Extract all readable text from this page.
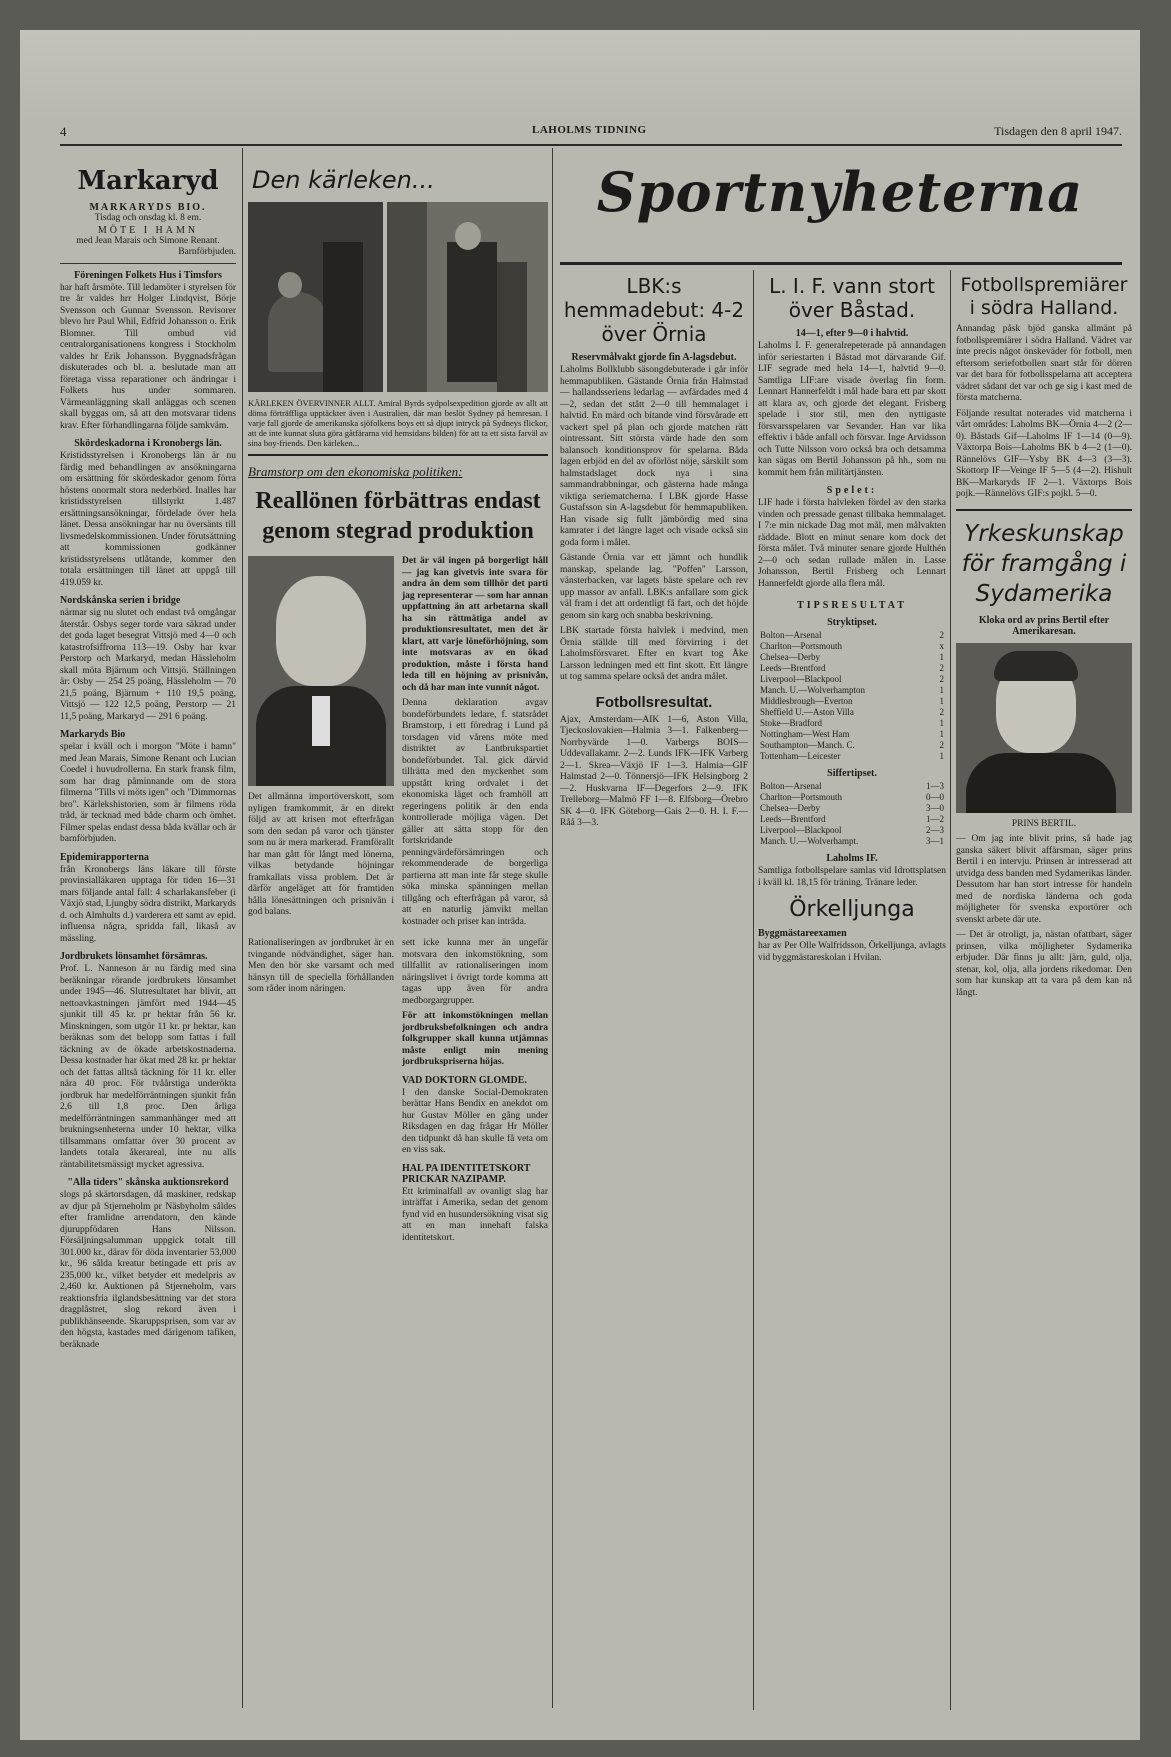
4	LAHOLMS TIDNING	Tisdagen den 8 april 1947.
Markaryd
MARKARYDS BIO.
Tisdag och onsdag kl. 8 em.
MÖTE I HAMN
med Jean Marais och Simone Renant.
Barnförbjuden.
Föreningen Folkets Hus i Timsfors

har haft årsmöte. Till ledamöter i styrelsen för tre år valdes hrr Holger Lindqvist, Börje Svensson och Gunnar Svensson. Revisorer blevo hrr Paul Whil, Edfrid Johansson o. Erik Blomner. Till ombud vid centralorganisationens kongress i Stockholm valdes hr Erik Johansson. Byggnadsfrågan diskuterades och bl. a. beslutade man att företaga vissa reparationer och ändringar i Folkets hus under sommaren. Värmeanläggning skall anläggas och scenen skall byggas om, så att den motsvarar tidens krav. Efter förhandlingarna följde samkväm.

Skördeskadorna i Kronobergs län.

Kristidsstyrelsen i Kronobergs län är nu färdig med behandlingen av ansökningarna om ersättning för skördeskador genom förra höstens onormalt stora nederbörd. Inalles har kristidsstyrelsen tillstyrkt 1.487 ersättningsansökningar, fördelade över hela länet. Dessa ansökningar har nu översänts till livsmedelskommissionen. Under förutsättning att kommissionen godkänner kristidsstyrelsens utlåtande, kommer den totala ersättningen till länet att uppgå till 419.059 kr.

Nordskånska serien i bridge

närmar sig nu slutet och endast två omgångar återstår. Osbys seger torde vara säkrad under det goda laget besegrat Vittsjö med 4—0 och katastrofsiffrorna 113—19. Osby har kvar Perstorp och Markaryd, medan Hässleholm skall möta Bjärnum och Vittsjö. Ställningen är: Osby — 254 25 poäng, Hässleholm — 70 21,5 poäng, Bjärnum + 110 19,5 poäng, Vittsjö — 122 12,5 poäng, Perstorp — 21 11,5 poäng, Markaryd — 291 6 poäng.

Markaryds Bio

spelar i kväll och i morgon "Möte i hamn" med Jean Marais, Simone Renant och Lucian Coedel i huvudrollerna. En stark fransk film, som har drag påminnande om de stora filmerna "Tills vi möts igen" och "Dimmornas bro". Kärlekshistorien, som är filmens röda tråd, är tecknad med både charm och ömhet. Filmer spelas endast dessa båda kvällar och är barnförbjuden.

Epidemirapporterna

från Kronobergs läns läkare till förste provinsialläkaren upptaga för tiden 16—31 mars följande antal fall: 4 scharlakansfeber (i Växjö stad, Ljungby södra distrikt, Markaryds d. och Almhults d.) varderera ett samt av epid. influensa några, spridda fall, likaså av mässling.

Jordbrukets lönsamhet försämras.

Prof. L. Nanneson är nu färdig med sina beräkningar rörande jordbrukets lönsamhet under 1945—46. Slutresultatet har blivit, att nettoavkastningen jämfört med 1944—45 sjunkit till 45 kr. pr hektar från 56 kr. Minskningen, som utgör 11 kr. pr hektar, kan beräknas som det belopp som fattas i full täckning av de ökade arbetskostnaderna. Dessa kostnader har ökat med 28 kr. pr hektar och det fattas alltså täckning för 11 kr. eller nära 40 proc. För tvåårstiga underökta jordbruk har medelförräntningen sjunkit från 2,6 till 1,8 proc. Den årliga medelförräntningen sammanhänger med att brukningsenheterna under 10 hektar, vilka tillsammans omfattar över 30 procent av landets totala åkerareal, inte nu alls räntabilitetsmässigt mycket agressiva.

"Alla tiders" skånska auktionsrekord

slogs på skärtorsdagen, då maskiner, redskap av djur på Stjerneholm pr Näsbyholm såldes efter framlidne arrendatorn, den kände djuruppfödaren Hans Nilsson. Försäljningsalumman uppgick totalt till 301.000 kr., därav för döda inventarier 53,000 kr., 96 sålda kreatur betingade ett pris av 235,000 kr., vilket betyder ett medelpris av 2,460 kr. Auktionen på Stjerneholm, vars reaktionsfria ilglandsbesättning var det stora dragplåstret, slog rekord även i publikhänseende. Skaruppsprisen, som var av den högsta, kastades med därigenom tafiken, beräknade

Den kärleken...

KÄRLEKEN ÖVERVINNER ALLT. Amiral Byrds sydpolsexpedition gjorde av allt att döma förträffliga upptäckter även i Australien, där man beslöt Sydney på hemresan. I varje fall gjorde de amerikanska sjöfolkens boys ett så djupt intryck på Sydneys flickor, att de inte kunnat sluta göra gåtfärarna vid hemsidans bilden) för att ta ett sista farväl av sina boy-friends. Den kärleken...

Bramstorp om den ekonomiska politiken:
Reallönen förbättras endast genom stegrad produktion

Det allmänna importöverskott, som nyligen framkommit, är en direkt följd av att krisen mot efterfrågan som den sedan på varor och tjänster som nu är mera markerad. Framförallt har man gått för långt med lönerna, vilkas betydande höjningar framkallats vissa problem. Det är därför angeläget att för framtiden hålla lönesättningen och prisnivån i god balans.

Det är väl ingen på borgerligt håll — jag kan givetvis inte svara för andra än dem som tillhör det parti jag representerar — som har annan uppfattning än att arbetarna skall ha sin rättmätiga andel av produktionsresultatet, men det är klart, att varje löneförhöjning, som inte motsvaras av en ökad produktion, måste i första hand leda till en höjning av prisnivån, och då har man inte vunnit något.

Denna deklaration avgav bondeförbundets ledare, f. statsrådet Bramstorp, i ett föredrag i Lund på torsdagen vid vårens möte med distriktet av Lantbrukspartiet bondeförbundet. Tal. gick därvid tillrätta med den myckenhet som uppstått kring ordvalet i det ekonomiska läget och framhöll att regeringens politik är den enda kontrollerade möjliga vägen. Det gäller att sätta stopp för den fortskridande penningvärdeförsämringen och rekommenderade de borgerliga partierna att man inte får stege skulle söka minska spänningen mellan tillgång och efterfrågan på varor, så att en naturlig jämvikt mellan kostnader och priser kan inträda.

Rationaliseringen av jordbruket är en tvingande nödvändighet, säger han. Men den bör ske varsamt och med hänsyn till de speciella förhållanden som råder inom näringen.

sett icke kunna mer än ungefär motsvara den inkomstökning, som tillfallit av rationaliseringen inom näringslivet i övrigt torde komma att tagas upp även för andra medborgargrupper.

För att inkomstökningen mellan jordbruksbefolkningen och andra folkgrupper skall kunna utjämnas måste enligt min mening jordbrukspriserna höjas.

VAD DOKTORN GLOMDE.

I den danske Social-Demokraten berättar Hans Bendix en anekdot om hur Gustav Möller en gång under Riksdagen en dag frågar Hr Möller den tidpunkt då han skulle få veta om en viss sak.

HAL PA IDENTITETSKORT PRICKAR NAZIPAMP.

Ett kriminalfall av ovanligt slag har inträffat i Amerika, sedan det genom fynd vid en husundersökning visat sig att en man innehaft falska identitetskort.

Sportnyheterna
LBK:s hemmadebut: 4-2 över Örnia
Reservmålvakt gjorde fin A-lagsdebut.

Laholms Bollklubb säsongdebuterade i går inför hemmapubliken. Gästande Örnia från Halmstad — hallandsseriens ledarlag — avfärdades med 4—2, sedan det stått 2—0 till hemmalaget i halvtid. En märd och bitande vind försvårade ett vackert spel på plan och gjorde matchen rätt ointressant. Sitt största värde hade den som balansoch konditionsprov för spelarna. Båda lagen erbjöd en del av oförlöst nöje, särskilt som halmstadslaget dock nya i sina sammandrabbningar, och gästerna hade många viktiga seriematcherna. I LBK gjorde Hasse Gustafsson sin A-lagsdebut för hemmapubliken. Han visade sig fullt jämbördig med sina kamrater i det längre laget och visade också sin goda form i målet.

Gästande Örnia var ett jämnt och hundlik manskap, spelande lag. "Poffen" Larsson, vänsterbacken, var lagets bäste spelare och rev upp massor av anfall. LBK:s anfallare som gick väl fram i det att ordentligt få fart, och det höjde genom sin karg och snabba beskrivning.

LBK startade första halvlek i medvind, men Örnia ställde till med förvirring i det Laholmsförsvaret. Efter en kvart tog Åke Larsson ledningen med ett fint skott. Ett längre ut tog samma spelare också det andra målet.

Fotbollsresultat.

Ajax, Amsterdam—AIK 1—6, Aston Villa, Tjeckoslovakien—Halmia 3—1. Falkenberg—Norrbyvärde 1—0. Varbergs BOIS—Uddevallakamr. 2—2. Lunds IFK—IFK Varberg 2—1. Skrea—Växjö IF 1—3. Halmia—GIF Halmstad 2—0. Tönnersjö—IFK Helsingborg 2—2. Huskvarna IF—Degerfors 2—9. IFK Trelleborg—Malmö FF 1—8. Elfsborg—Örebro SK 4—0. IFK Göteborg—Gais 2—0. H. I. F.—Råå 3—3.

L. I. F. vann stort över Båstad.
14—1, efter 9—0 i halvtid.

Laholms I. F. generalrepeterade på annandagen inför seriestarten i Båstad mot därvarande Gif. LIF segrade med hela 14—1, halvtid 9—0. Samtliga LIF:are visade överlag fin form. Lennart Hannerfeldt i mål hade bara ett par skott att klara av, och gjorde det elegant. Frisberg spelade i stor stil, men den nyttigaste försvarsspelaren var Sevander. Han var lika effektiv i både anfall och försvar. Inge Arvidsson och Tutte Nilsson voro också bra och detsamma kan sägas om Bertil Johansson på hh., som nu kommit hem från militärtjänsten.

Spelet:

LIF hade i första halvleken fördel av den starka vinden och pressade genast tillbaka hemmalaget. I 7:e min nickade Dag mot mål, men målvakten räddade. Blott en minut senare kom dock det första målet. Två minuter senare gjorde Hulthén 2—0 och sedan rullade målen in. Lasse Johansson, Bertil Frisberg och Lennart Hannerfeldt gjorde alla flera mål.

TIPSRESULTAT
Stryktipset.
Bolton—Arsenal	2
Charlton—Portsmouth	x
Chelsea—Derby	1
Leeds—Brentford	2
Liverpool—Blackpool	2
Manch. U.—Wolverhampton	1
Middlesbrough—Everton	1
Sheffield U.—Aston Villa	2
Stoke—Bradford	1
Nottingham—West Ham	1
Southampton—Manch. C.	2
Tottenham—Leicester	1
Siffertipset.
Bolton—Arsenal	1—3
Charlton—Portsmouth	0—0
Chelsea—Derby	3—0
Leeds—Brentford	1—2
Liverpool—Blackpool	2—3
Manch. U.—Wolverhampt.	3—1
Laholms IF.

Samtliga fotbollspelare samlas vid Idrottsplatsen i kväll kl. 18,15 för träning. Tränare leder.

Örkelljunga
Byggmästareexamen

har av Per Olle Walfridsson, Örkelljunga, avlagts vid byggmästareskolan i Hvilan.

Fotbollspremiärer i södra Halland.

Annandag påsk bjöd ganska allmänt på fotbollspremiärer i södra Halland. Vädret var inte precis något önskeväder för fotboll, men eftersom seriefotbollen snart står för dörren var det bara för fotbollsspelarna att acceptera vädret sådant det var och ge sig i kast med de första matcherna.

Följande resultat noterades vid matcherna i vårt områdes: Laholms BK—Örnia 4—2 (2—0). Båstads Gif—Laholms IF 1—14 (0—9). Växtorpa Bois—Laholms BK b 4—2 (1—0). Rännelövs GIF—Ysby BK 4—3 (3—3). Skottorp IF—Veinge IF 5—5 (4—2). Hishult BK—Markaryds IF 2—1. Växtorps Bois pojk.—Rännelövs GIF:s pojkl. 5—0.

Yrkeskunskap för framgång i Sydamerika
Kloka ord av prins Bertil efter Amerikaresan.
PRINS BERTIL.

— Om jag inte blivit prins, så hade jag ganska säkert blivit affärsman, säger prins Bertil i en intervju. Prinsen är intresserad att utvidga dess banden med Sydamerikas länder. Dessutom har han stort intresse för handeln med de nordiska länderna och goda möjligheter för svenska exportörer och svenskt arbete där ute.

— Det är otroligt, ja, nästan ofattbart, säger prinsen, vilka möjligheter Sydamerika erbjuder. Där finns ju allt: järn, guld, olja, stenar, kol, olja, alla jordens rikedomar. Den som har kunskap att ta vara på dem kan nå långt.
